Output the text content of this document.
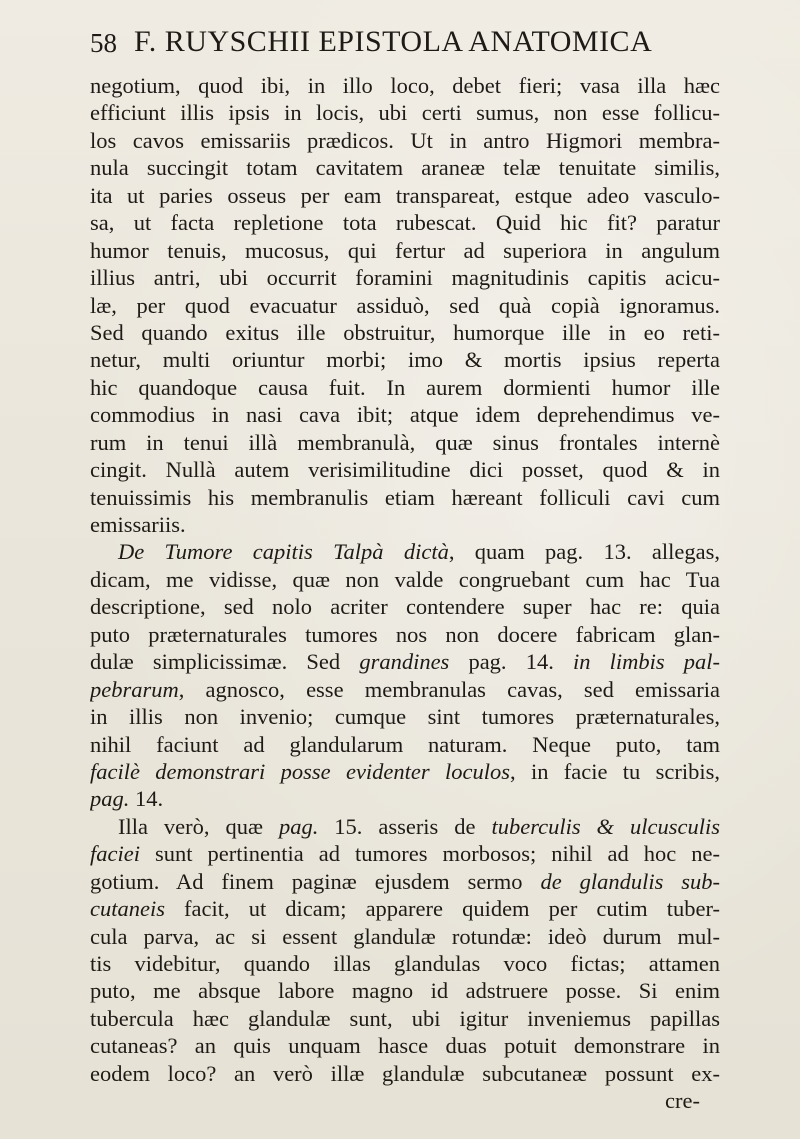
58 F. RUYSCHII EPISTOLA ANATOMICA
negotium, quod ibi, in illo loco, debet fieri; vasa illa hæc
efficiunt illis ipsis in locis, ubi certi sumus, non esse follicu-
los cavos emissariis prædicos. Ut in antro Higmori membra-
nula succingit totam cavitatem araneæ telæ tenuitate similis,
ita ut paries osseus per eam transpareat, estque adeo vasculo-
sa, ut facta repletione tota rubescat. Quid hic fit? paratur
humor tenuis, mucosus, qui fertur ad superiora in angulum
illius antri, ubi occurrit foramini magnitudinis capitis acicu-
læ, per quod evacuatur assiduò, sed quà copià ignoramus.
Sed quando exitus ille obstruitur, humorque ille in eo reti-
netur, multi oriuntur morbi; imo & mortis ipsius reperta
hic quandoque causa fuit. In aurem dormienti humor ille
commodius in nasi cava ibit; atque idem deprehendimus ve-
rum in tenui illà membranulà, quæ sinus frontales internè
cingit. Nullà autem verisimilitudine dici posset, quod & in
tenuissimis his membranulis etiam hæreant folliculi cavi cum
emissariis.
De Tumore capitis Talpà dictà, quam pag. 13. allegas,
dicam, me vidisse, quæ non valde congruebant cum hac Tua
descriptione, sed nolo acriter contendere super hac re: quia
puto præternaturales tumores nos non docere fabricam glan-
dulæ simplicissimæ. Sed grandines pag. 14. in limbis pal-
pebrarum, agnosco, esse membranulas cavas, sed emissaria
in illis non invenio; cumque sint tumores præternaturales,
nihil faciunt ad glandularum naturam. Neque puto, tam
facilè demonstrari posse evidenter loculos, in facie tu scribis,
pag. 14.
Illa verò, quæ pag. 15. asseris de tuberculis & ulcusculis
faciei sunt pertinentia ad tumores morbosos; nihil ad hoc ne-
gotium. Ad finem paginæ ejusdem sermo de glandulis sub-
cutaneis facit, ut dicam; apparere quidem per cutim tuber-
cula parva, ac si essent glandulæ rotundæ: ideò durum mul-
tis videbitur, quando illas glandulas voco fictas; attamen
puto, me absque labore magno id adstruere posse. Si enim
tubercula hæc glandulæ sunt, ubi igitur inveniemus papillas
cutaneas? an quis unquam hasce duas potuit demonstrare in
eodem loco? an verò illæ glandulæ subcutaneæ possunt ex-
cre-
